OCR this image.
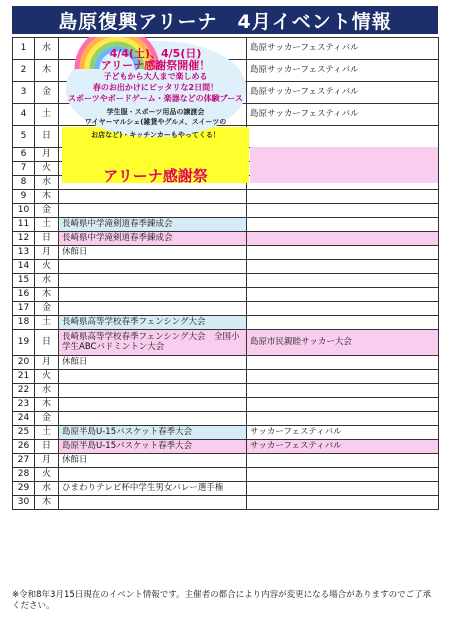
島原復興アリーナ　4月イベント情報
1	水		島原サッカーフェスティバル
2	木		島原サッカーフェスティバル
3	金		島原サッカーフェスティバル
4	土		島原サッカーフェスティバル
5	日		
6	月		
7	火		
8	水		
9	木		
10	金		
11	土	長崎県中学滝剣道春季錬成会	
12	日	長崎県中学滝剣道春季錬成会	
13	月	休館日	
14	火		
15	水		
16	木		
17	金		
18	土	長崎県高等学校春季フェンシング大会	
19	日	長崎県高等学校春季フェンシング大会　全国小学生ABCバドミントン大会	島原市民親睦サッカー大会
20	月	休館日	
21	火		
22	水		
23	木		
24	金		
25	土	島原半島U-15バスケット春季大会	サッカーフェスティバル
26	日	島原半島U-15バスケット春季大会	サッカーフェスティバル
27	月	休館日	
28	火		
29	水	ひまわりテレビ杯中学生男女バレー選手権	
30	木		
4/4(土)、4/5(日)
アリーナ感謝祭開催！
子どもから大人まで楽しめる
春のお出かけにピッタリな2日間！
スポーツやボードゲーム・楽器などの体験ブース
学生服・スポーツ用品の譲渡会
ワイヤーマルシェ(雑貨やグルメ、スイーツの
お店など)・キッチンカーもやってくる！
アリーナ感謝祭
※令和8年3月15日現在のイベント情報です。主催者の都合により内容が変更になる場合がありますのでご了承ください。
